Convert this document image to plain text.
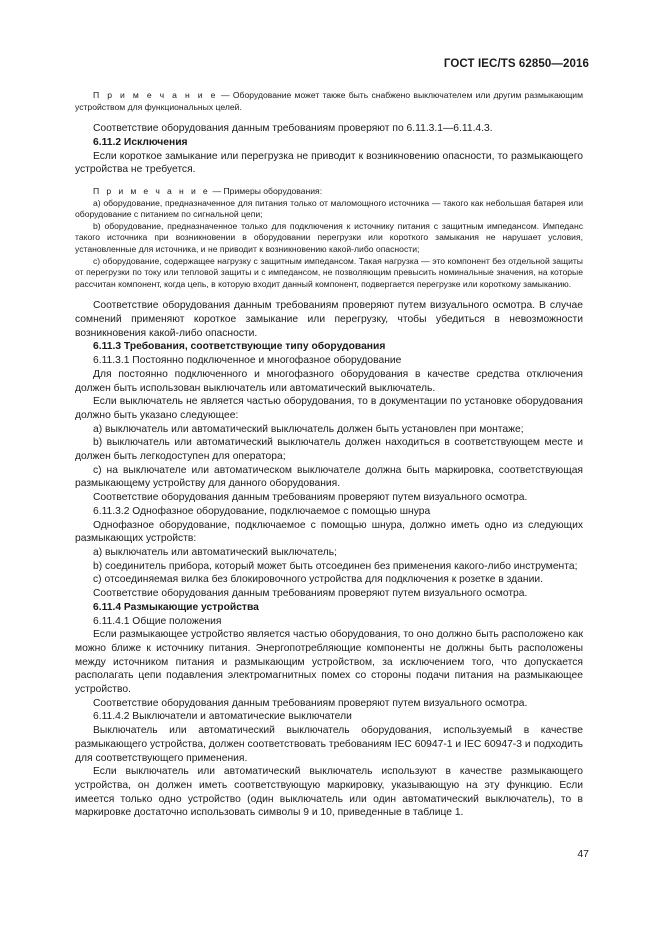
ГОСТ IEC/TS 62850—2016

П р и м е ч а н и е — Оборудование может также быть снабжено выключателем или другим размыкающим устройством для функциональных целей.

Соответствие оборудования данным требованиям проверяют по 6.11.3.1—6.11.4.3.

6.11.2 Исключения

Если короткое замыкание или перегрузка не приводит к возникновению опасности, то размыкающего устройства не требуется.

П р и м е ч а н и е — Примеры оборудования:

a) оборудование, предназначенное для питания только от маломощного источника — такого как небольшая батарея или оборудование с питанием по сигнальной цепи;

b) оборудование, предназначенное только для подключения к источнику питания с защитным импедансом. Импеданс такого источника при возникновении в оборудовании перегрузки или короткого замыкания не нарушает условия, установленные для источника, и не приводит к возникновению какой-либо опасности;

c) оборудование, содержащее нагрузку с защитным импедансом. Такая нагрузка — это компонент без отдельной защиты от перегрузки по току или тепловой защиты и с импедансом, не позволяющим превысить номинальные значения, на которые рассчитан компонент, когда цепь, в которую входит данный компонент, подвергается перегрузке или короткому замыканию.

Соответствие оборудования данным требованиям проверяют путем визуального осмотра. В случае сомнений применяют короткое замыкание или перегрузку, чтобы убедиться в невозможности возникновения какой-либо опасности.

6.11.3 Требования, соответствующие типу оборудования

6.11.3.1 Постоянно подключенное и многофазное оборудование

Для постоянно подключенного и многофазного оборудования в качестве средства отключения должен быть использован выключатель или автоматический выключатель.

Если выключатель не является частью оборудования, то в документации по установке оборудования должно быть указано следующее:

a) выключатель или автоматический выключатель должен быть установлен при монтаже;

b) выключатель или автоматический выключатель должен находиться в соответствующем месте и должен быть легкодоступен для оператора;

c) на выключателе или автоматическом выключателе должна быть маркировка, соответствующая размыкающему устройству для данного оборудования.

Соответствие оборудования данным требованиям проверяют путем визуального осмотра.

6.11.3.2 Однофазное оборудование, подключаемое с помощью шнура

Однофазное оборудование, подключаемое с помощью шнура, должно иметь одно из следующих размыкающих устройств:

a) выключатель или автоматический выключатель;

b) соединитель прибора, который может быть отсоединен без применения какого-либо инструмента;

c) отсоединяемая вилка без блокировочного устройства для подключения к розетке в здании.

Соответствие оборудования данным требованиям проверяют путем визуального осмотра.

6.11.4 Размыкающие устройства

6.11.4.1 Общие положения

Если размыкающее устройство является частью оборудования, то оно должно быть расположено как можно ближе к источнику питания. Энергопотребляющие компоненты не должны быть расположены между источником питания и размыкающим устройством, за исключением того, что допускается располагать цепи подавления электромагнитных помех со стороны подачи питания на размыкающее устройство.

Соответствие оборудования данным требованиям проверяют путем визуального осмотра.

6.11.4.2 Выключатели и автоматические выключатели

Выключатель или автоматический выключатель оборудования, используемый в качестве размыкающего устройства, должен соответствовать требованиям IEC 60947-1 и IEC 60947-3 и подходить для соответствующего применения.

Если выключатель или автоматический выключатель используют в качестве размыкающего устройства, он должен иметь соответствующую маркировку, указывающую на эту функцию. Если имеется только одно устройство (один выключатель или один автоматический выключатель), то в маркировке достаточно использовать символы 9 и 10, приведенные в таблице 1.

47
